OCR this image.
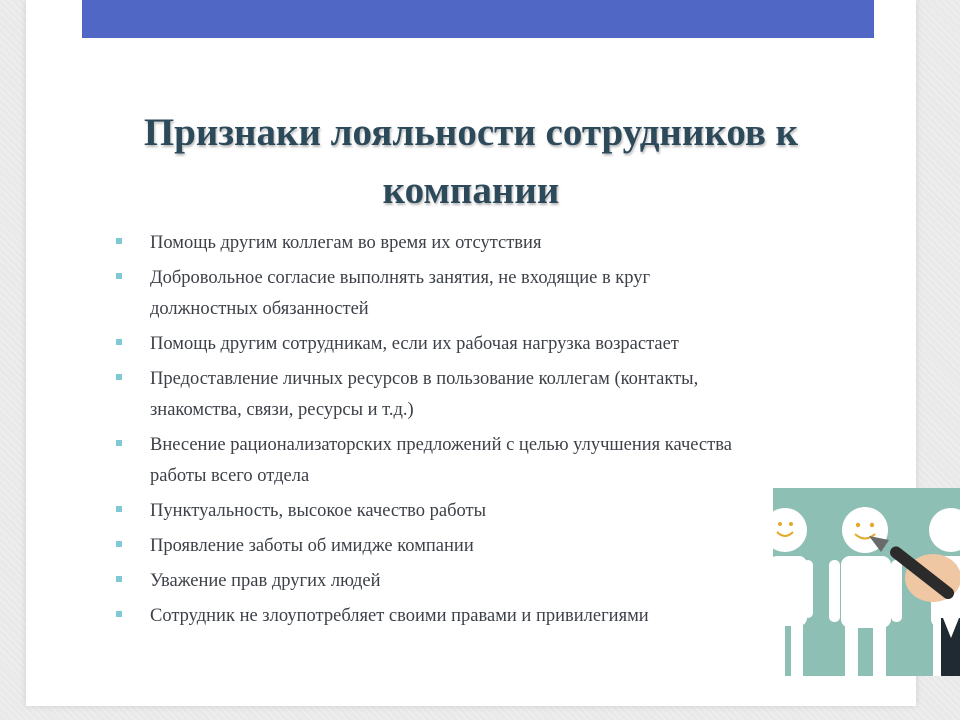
Признаки лояльности сотрудников к
компании
Помощь другим коллегам во время их отсутствия
Добровольное согласие выполнять занятия, не входящие в круг
должностных обязанностей
Помощь другим сотрудникам, если их рабочая нагрузка возрастает
Предоставление личных ресурсов в пользование коллегам (контакты,
знакомства, связи, ресурсы и т.д.)
Внесение рационализаторских предложений с целью улучшения качества
работы всего отдела
Пунктуальность, высокое качество работы
Проявление заботы об имидже компании
Уважение прав других людей
Сотрудник не злоупотребляет своими правами и привилегиями
